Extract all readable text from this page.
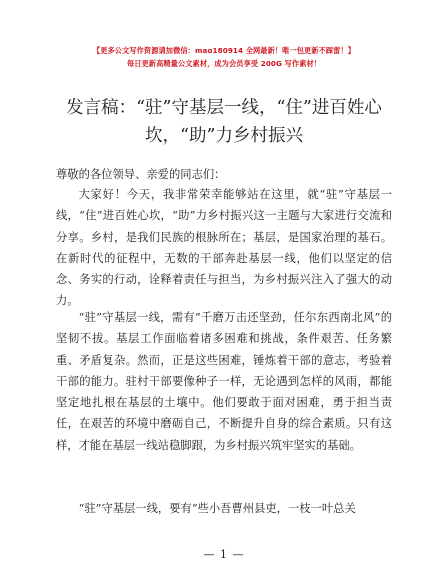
【更多公文写作资源请加微信：mao180914 全网最新！唯一包更新不踩雷！】
每日更新高精量公文素材，成为会员享受 200G 写作素材！
发言稿：“驻”守基层一线，“住”进百姓心坎，“助”力乡村振兴
尊敬的各位领导、亲爱的同志们：

大家好！今天，我非常荣幸能够站在这里，就“驻”守基层一线，“住”进百姓心坎，“助”力乡村振兴这一主题与大家进行交流和分享。乡村，是我们民族的根脉所在；基层，是国家治理的基石。在新时代的征程中，无数的干部奔赴基层一线，他们以坚定的信念、务实的行动，诠释着责任与担当，为乡村振兴注入了强大的动力。

“驻”守基层一线，需有“千磨万击还坚劲，任尔东西南北风”的坚韧不拔。基层工作面临着诸多困难和挑战，条件艰苦、任务繁重、矛盾复杂。然而，正是这些困难，锤炼着干部的意志，考验着干部的能力。驻村干部要像种子一样，无论遇到怎样的风雨，都能坚定地扎根在基层的土壤中。他们要敢于面对困难，勇于担当责任，在艰苦的环境中磨砺自己，不断提升自身的综合素质。只有这样，才能在基层一线站稳脚跟，为乡村振兴筑牢坚实的基础。

“驻”守基层一线，要有“些小吾曹州县吏，一枝一叶总关

— 1 —
